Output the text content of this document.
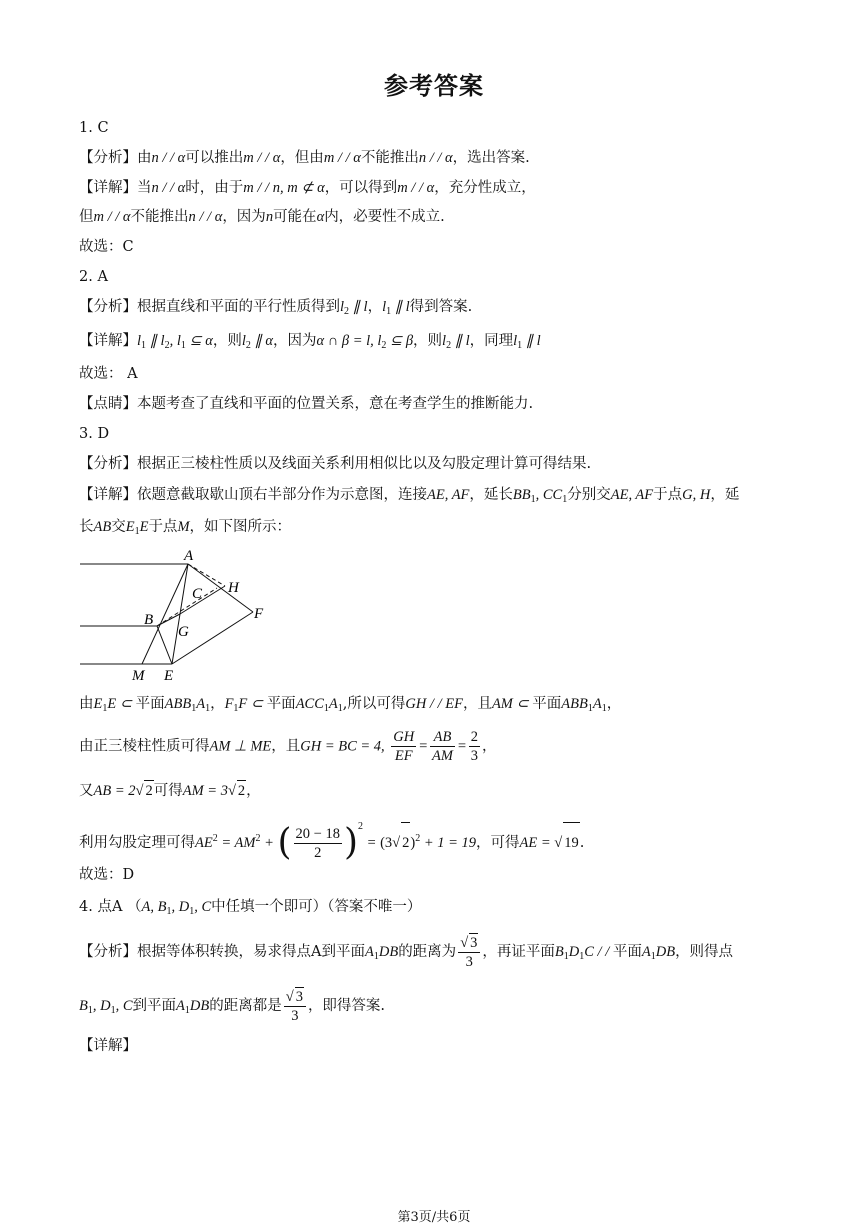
参考答案
1. C
【分析】由n / / α可以推出m / / α，但由m / / α不能推出n / / α，选出答案.
【详解】当n / / α时，由于m / / n, m ⊄ α，可以得到m / / α，充分性成立，
但m / / α不能推出n / / α，因为n可能在α内，必要性不成立.
故选：C
2. A
【分析】根据直线和平面的平行性质得到$l_2$ ∥ l，$l_1$ ∥ l得到答案.
【详解】$l_1$ ∥ $l_2$, $l_1$ ⊆ α，则$l_2$ ∥ α，因为α ∩ β = l, $l_2$ ⊆ β，则$l_2$ ∥ l，同理$l_1$ ∥ l
故选： A
【点睛】本题考查了直线和平面的位置关系，意在考查学生的推断能力.
3. D
【分析】根据正三棱柱性质以及线面关系利用相似比以及勾股定理计算可得结果.
【详解】依题意截取歇山顶右半部分作为示意图，连接AE, AF，延长$BB_1$, $CC_1$分别交AE, AF于点G, H，延
长AB交$E_1E$于点M，如下图所示：
A
C H
F
B
G
M E
由$E_1E$ ⊂ 平面$ABB_1A_1$，$F_1F$ ⊂ 平面$ACC_1A_1$,所以可得GH / / EF，且AM ⊂ 平面$ABB_1A_1$，
由正三棱柱性质可得AM ⊥ ME，且GH = BC = 4, $\frac{GH}{EF} = \frac{AB}{AM} = \frac{2}{3}$ ，
又AB = 2√ 2可得AM = 3√ 2，
利用勾股定理可得$AE^2 = AM^2$ + ( $\frac{20 - 18}{2} )^2 = (3√$ 2)$^2$ + 1 = 19，可得AE = √ 19.
故选：D
4. 点A （A, $B_1$, $D_1$, C中任填一个即可）（答案不唯一）
【分析】根据等体积转换，易求得点A到平面$A_1DB$的距离为 $\frac{√ 3}{3}$ ，再证平面$B_1D_1C$ / / 平面$A_1DB$，则得点
$B_1$, $D_1$, C到平面$A_1DB$的距离都是 $\frac{√ 3}{3}$ ，即得答案.
【详解】
第3页/共6页
